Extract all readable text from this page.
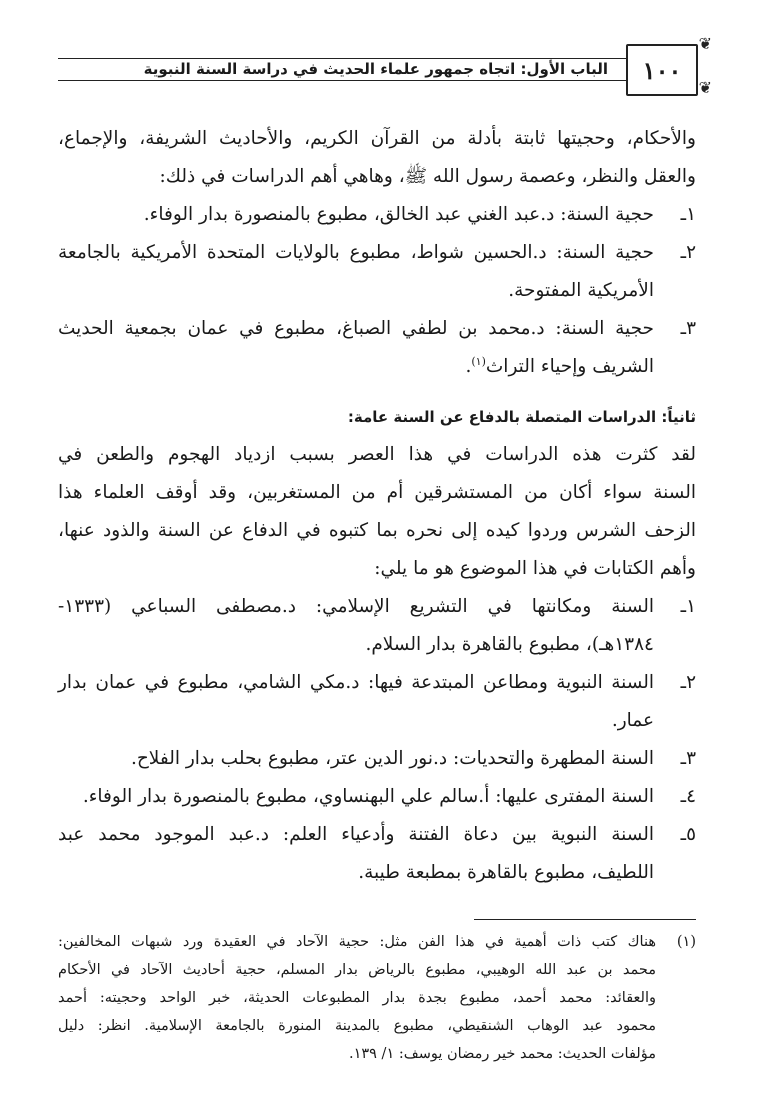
١٠٠
❦
❦
الباب الأول: اتجاه جمهور علماء الحديث في دراسة السنة النبوية

والأحكام، وحجيتها ثابتة بأدلة من القرآن الكريم، والأحاديث الشريفة، والإجماع،

والعقل والنظر، وعصمة رسول الله ﷺ، وهاهي أهم الدراسات في ذلك:

١ـ

حجية السنة: د.عبد الغني عبد الخالق، مطبوع بالمنصورة بدار الوفاء.

٢ـ

حجية السنة: د.الحسين شواط، مطبوع بالولايات المتحدة الأمريكية بالجامعة

الأمريكية المفتوحة.

٣ـ

حجية السنة: د.محمد بن لطفي الصباغ، مطبوع في عمان بجمعية الحديث

الشريف وإحياء التراث$^{(١)}$.

ثانياً: الدراسات المتصلة بالدفاع عن السنة عامة:

لقد كثرت هذه الدراسات في هذا العصر بسبب ازدياد الهجوم والطعن في

السنة سواء أكان من المستشرقين أم من المستغربين، وقد أوقف العلماء هذا

الزحف الشرس وردوا كيده إلى نحره بما كتبوه في الدفاع عن السنة والذود عنها،

وأهم الكتابات في هذا الموضوع هو ما يلي:

١ـ

السنة ومكانتها في التشريع الإسلامي: د.مصطفى السباعي (١٣٣٣-

١٣٨٤هـ)، مطبوع بالقاهرة بدار السلام.

٢ـ

السنة النبوية ومطاعن المبتدعة فيها: د.مكي الشامي، مطبوع في عمان بدار

عمار.

٣ـ

السنة المطهرة والتحديات: د.نور الدين عتر، مطبوع بحلب بدار الفلاح.

٤ـ

السنة المفترى عليها: أ.سالم علي البهنساوي، مطبوع بالمنصورة بدار الوفاء.

٥ـ

السنة النبوية بين دعاة الفتنة وأدعياء العلم: د.عبد الموجود محمد عبد

اللطيف، مطبوع بالقاهرة بمطبعة طيبة.

(١)

هناك كتب ذات أهمية في هذا الفن مثل: حجية الآحاد في العقيدة ورد شبهات المخالفين:

محمد بن عبد الله الوهيبي، مطبوع بالرياض بدار المسلم، حجية أحاديث الآحاد في الأحكام

والعقائد: محمد أحمد، مطبوع بجدة بدار المطبوعات الحديثة، خبر الواحد وحجيته: أحمد

محمود عبد الوهاب الشنقيطي، مطبوع بالمدينة المنورة بالجامعة الإسلامية. انظر: دليل

مؤلفات الحديث: محمد خير رمضان يوسف: ١/ ١٣٩.
